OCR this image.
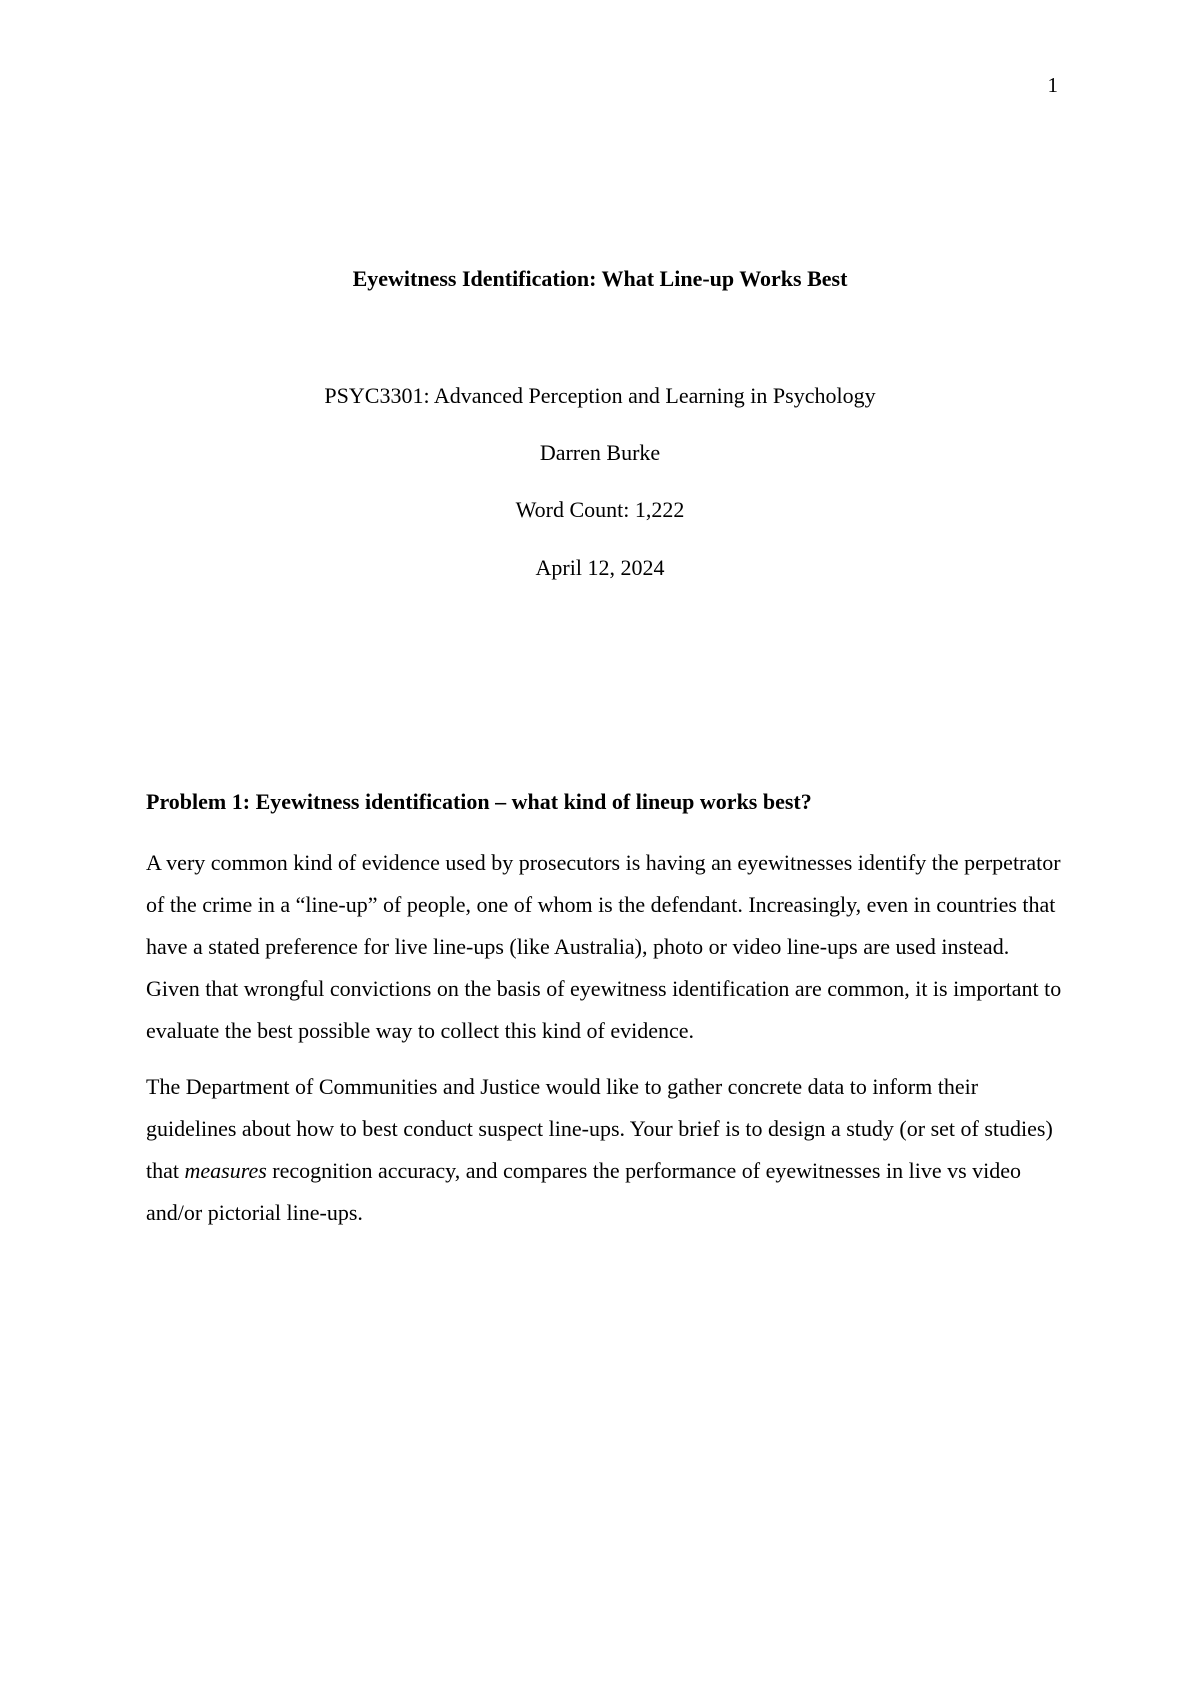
1
Eyewitness Identification: What Line-up Works Best
PSYC3301: Advanced Perception and Learning in Psychology
Darren Burke
Word Count: 1,222
April 12, 2024
Problem 1: Eyewitness identification – what kind of lineup works best?

A very common kind of evidence used by prosecutors is having an eyewitnesses identify the perpetrator of the crime in a “line-up” of people, one of whom is the defendant. Increasingly, even in countries that have a stated preference for live line-ups (like Australia), photo or video line-ups are used instead. Given that wrongful convictions on the basis of eyewitness identification are common, it is important to evaluate the best possible way to collect this kind of evidence.

The Department of Communities and Justice would like to gather concrete data to inform their guidelines about how to best conduct suspect line-ups. Your brief is to design a study (or set of studies) that measures recognition accuracy, and compares the performance of eyewitnesses in live vs video and/or pictorial line-ups.
